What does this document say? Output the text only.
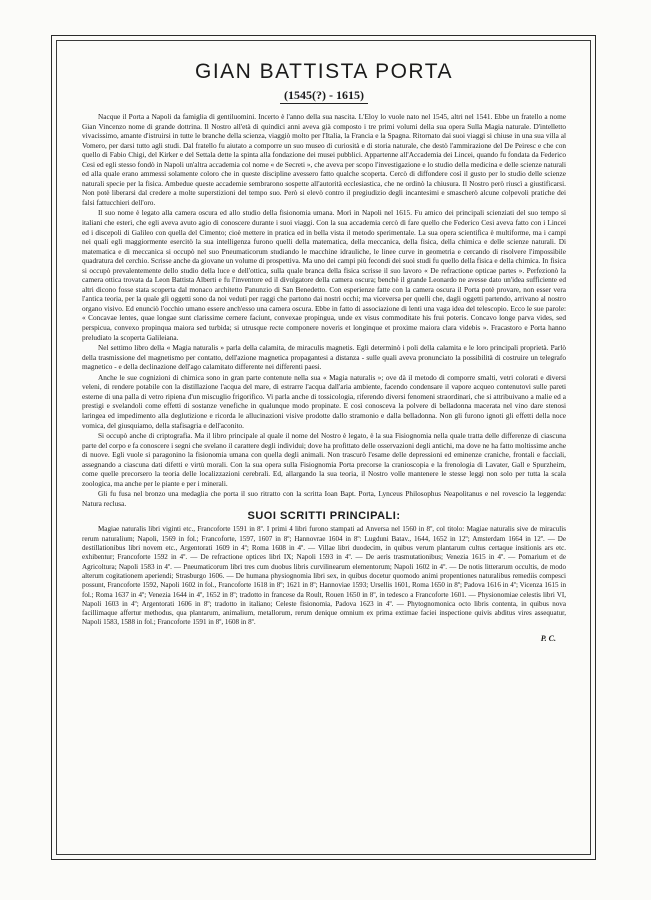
GIAN BATTISTA PORTA
(1545(?) - 1615)

Nacque il Porta a Napoli da famiglia di gentiluomini. Incerto è l'anno della sua nascita. L'Eloy lo vuole nato nel 1545, altri nel 1541. Ebbe un fratello a nome Gian Vincenzo nome di grande dottrina. Il Nostro all'età di quindici anni aveva già composto i tre primi volumi della sua opera Sulla Magia naturale. D'intelletto vivacissimo, amante d'istruirsi in tutte le branche della scienza, viaggiò molto per l'Italia, la Francia e la Spagna. Ritornato dai suoi viaggi si chiuse in una sua villa al Vomero, per darsi tutto agli studi. Dal fratello fu aiutato a comporre un suo museo di curiosità e di storia naturale, che destò l'ammirazione del De Peiresc e che con quello di Fabio Chigi, del Kirker e del Settala dette la spinta alla fondazione dei musei pubblici. Appartenne all'Accademia dei Lincei, quando fu fondata da Federico Cesi ed egli stesso fondò in Napoli un'altra accademia col nome « de Secreti », che aveva per scopo l'investigazione e lo studio della medicina e delle scienze naturali ed alla quale erano ammessi solamente coloro che in queste discipline avessero fatto qualche scoperta. Cercò di diffondere così il gusto per lo studio delle scienze naturali specie per la fisica. Ambedue queste accademie sembrarono sospette all'autorità ecclesiastica, che ne ordinò la chiusura. Il Nostro però riuscì a giustificarsi. Non potè liberarsi dal credere a molte superstizioni del tempo suo. Però si elevò contro il pregiudizio degli incantesimi e smascherò alcune colpevoli pratiche dei falsi fattucchieri dell'oro.

Il suo nome è legato alla camera oscura ed allo studio della fisionomia umana. Morì in Napoli nel 1615. Fu amico dei principali scienziati del suo tempo sì italiani che esteri, che egli aveva avuto agio di conoscere durante i suoi viaggi. Con la sua accademia cercò di fare quello che Federico Cesi aveva fatto con i Lincei ed i discepoli di Galileo con quella del Cimento; cioè mettere in pratica ed in bella vista il metodo sperimentale. La sua opera scientifica è multiforme, ma i campi nei quali egli maggiormente esercitò la sua intelligenza furono quelli della matematica, della meccanica, della fisica, della chimica e delle scienze naturali. Di matematica e di meccanica si occupò nel suo Pneumaticorum studiando le macchine idrauliche, le linee curve in geometria e cercando di risolvere l'impossibile quadratura del cerchio. Scrisse anche da giovane un volume di prospettiva. Ma uno dei campi più fecondi dei suoi studi fu quello della fisica e della chimica. In fisica si occupò prevalentemente dello studio della luce e dell'ottica, sulla quale branca della fisica scrisse il suo lavoro « De refractione opticae partes ». Perfezionò la camera ottica trovata da Leon Battista Alberti e fu l'inventore ed il divulgatore della camera oscura; benchè il grande Leonardo ne avesse dato un'idea sufficiente ed altri dicono fosse stata scoperta dal monaco architetto Panunzio di San Benedetto. Con esperienze fatte con la camera oscura il Porta potè provare, non esser vera l'antica teoria, per la quale gli oggetti sono da noi veduti per raggi che partono dai nostri occhi; ma viceversa per quelli che, dagli oggetti partendo, arrivano al nostro organo visivo. Ed enunciò l'occhio umano essere anch'esso una camera oscura. Ebbe in fatto di associazione di lenti una vaga idea del telescopio. Ecco le sue parole: « Concavae lentes, quae longae sunt clarissime cernere faciunt, convexae propingua, unde ex visus commoditate his frui poteris. Concavo longe parva vides, sed perspicua, convexo propinqua maiora sed turbida; si utrusque recte componere noveris et longinque et proxime maiora clara videbis ». Fracastoro e Porta hanno preludiato la scoperta Galileiana.

Nel settimo libro della « Magia naturalis » parla della calamita, de miraculis magnetis. Egli determinò i poli della calamita e le loro principali proprietà. Parlò della trasmissione del magnetismo per contatto, dell'azione magnetica propagantesi a distanza - sulle quali aveva pronunciato la possibilità di costruire un telegrafo magnetico - e della declinazione dell'ago calamitato differente nei differenti paesi.

Anche le sue cognizioni di chimica sono in gran parte contenute nella sua « Magia naturalis »; ove dà il metodo di comporre smalti, vetri colorati e diversi veleni, di rendere potabile con la distillazione l'acqua del mare, di estrarre l'acqua dall'aria ambiente, facendo condensare il vapore acqueo contenutovi sulle pareti esterne di una palla di vetro ripiena d'un miscuglio frigorifico. Vi parla anche di tossicologia, riferendo diversi fenomeni straordinari, che si attribuivano a malie ed a prestigi e svelandoli come effetti di sostanze venefiche in qualunque modo propinate. E così conosceva la polvere di belladonna macerata nel vino dare stenosi laringea ed impedimento alla deglutizione e ricorda le allucinazioni visive prodotte dallo stramonio e dalla belladonna. Non gli furono ignoti gli effetti della noce vomica, del giusquiamo, della stafisagria e dell'aconito.

Si occupò anche di criptografia. Ma il libro principale al quale il nome del Nostro è legato, è la sua Fisiognomia nella quale tratta delle differenze di ciascuna parte del corpo e fa conoscere i segni che svelano il carattere degli individui; dove ha profittato delle osservazioni degli antichi, ma dove ne ha fatto moltissime anche di nuove. Egli vuole si paragonino la fisionomia umana con quella degli animali. Non trascurò l'esame delle depressioni ed eminenze craniche, frontali e facciali, assegnando a ciascuna dati difetti e virtù morali. Con la sua opera sulla Fisiognomia Porta precorse la cranioscopia e la frenologia di Lavater, Gall e Spurzheim, come quelle precorsero la teoria delle localizzazioni cerebrali. Ed, allargando la sua teoria, il Nostro volle mantenere le stesse leggi non solo per tutta la scala zoologica, ma anche per le piante e per i minerali.

Gli fu fusa nel bronzo una medaglia che porta il suo ritratto con la scritta Ioan Bapt. Porta, Lynceus Philosophus Neapolitanus e nel rovescio la leggenda: Natura reclusa.

SUOI SCRITTI PRINCIPALI:

Magiae naturalis libri viginti etc., Francoforte 1591 in 8º. I primi 4 libri furono stampati ad Anversa nel 1560 in 8º, col titolo: Magiae naturalis sive de miraculis rerum naturalium; Napoli, 1569 in fol.; Francoforte, 1597, 1607 in 8º; Hannovrae 1604 in 8º: Lugduni Batav., 1644, 1652 in 12º; Amsterdam 1664 in 12º. — De destillationibus libri novem etc., Argentorati 1609 in 4º; Roma 1608 in 4º. — Villae libri duodecim, in quibus verum plantarum cultus certaque insitionis ars etc. exhibentur; Francoforte 1592 in 4º. — De refractione optices libri IX; Napoli 1593 in 4º. — De aeris trasmutationibus; Venezia 1615 in 4º. — Pomarium et de Agricoltura; Napoli 1583 in 4º. — Pneumaticorum libri tres cum duobus libris curvilinearum elementorum; Napoli 1602 in 4º. — De notis litterarum occultis, de modo alterum cogitationem aperiendi; Strasburgo 1606. — De humana physiognomia libri sex, in quibus docetur quomodo animi propentiones naturalibus remediis compesci possunt, Francoforte 1592, Napoli 1602 in fol., Francoforte 1618 in 8º; 1621 in 8º; Hannoviae 1593; Ursellis 1601, Roma 1650 in 8º; Padova 1616 in 4º; Vicenza 1615 in fol.; Roma 1637 in 4º; Venezia 1644 in 4º, 1652 in 8º; tradotto in francese da Roult, Rouen 1650 in 8º, in tedesco a Francoforte 1601. — Physionomiae celestis libri VI, Napoli 1603 in 4º; Argentorati 1606 in 8º; tradotto in italiano; Celeste fisionomia, Padova 1623 in 4º. — Phytognomonica octo libris contenta, in quibus nova facillimaque affertur methodus, qua plantarum, animalium, metallorum, rerum denique omnium ex prima extimae faciei inspectione quivis abditus vires assequatur, Napoli 1583, 1588 in fol.; Francoforte 1591 in 8º, 1608 in 8º.

P. C.
